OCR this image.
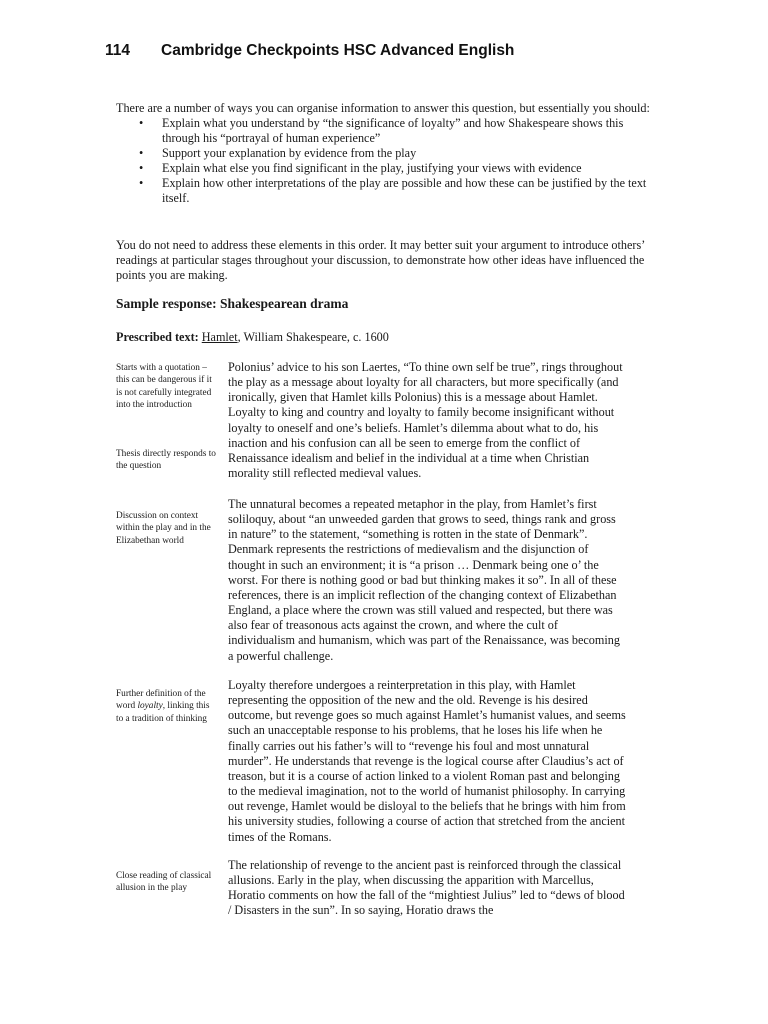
114 Cambridge Checkpoints HSC Advanced English

There are a number of ways you can organise information to answer this question, but essentially you should:

• Explain what you understand by “the significance of loyalty” and how Shakespeare shows this through his “portrayal of human experience”
• Support your explanation by evidence from the play
• Explain what else you find significant in the play, justifying your views with evidence
• Explain how other interpretations of the play are possible and how these can be justified by the text itself.

You do not need to address these elements in this order. It may better suit your argument to introduce others’ readings at particular stages throughout your discussion, to demonstrate how other ideas have influenced the points you are making.

Sample response: Shakespearean drama

Prescribed text: Hamlet, William Shakespeare, c. 1600

Starts with a quotation – this can be dangerous if it is not carefully integrated into the introduction

Thesis directly responds to the question

Discussion on context within the play and in the Elizabethan world

Further definition of the word loyalty, linking this to a tradition of thinking

Close reading of classical allusion in the play

Polonius’ advice to his son Laertes, “To thine own self be true”, rings throughout the play as a message about loyalty for all characters, but more specifically (and ironically, given that Hamlet kills Polonius) this is a message about Hamlet. Loyalty to king and country and loyalty to family become insignificant without loyalty to oneself and one’s beliefs. Hamlet’s dilemma about what to do, his inaction and his confusion can all be seen to emerge from the conflict of Renaissance idealism and belief in the individual at a time when Christian morality still reflected medieval values.

The unnatural becomes a repeated metaphor in the play, from Hamlet’s first soliloquy, about “an unweeded garden that grows to seed, things rank and gross in nature” to the statement, “something is rotten in the state of Denmark”. Denmark represents the restrictions of medievalism and the disjunction of thought in such an environment; it is “a prison … Denmark being one o’ the worst. For there is nothing good or bad but thinking makes it so”. In all of these references, there is an implicit reflection of the changing context of Elizabethan England, a place where the crown was still valued and respected, but there was also fear of treasonous acts against the crown, and where the cult of individualism and humanism, which was part of the Renaissance, was becoming a powerful challenge.

Loyalty therefore undergoes a reinterpretation in this play, with Hamlet representing the opposition of the new and the old. Revenge is his desired outcome, but revenge goes so much against Hamlet’s humanist values, and seems such an unacceptable response to his problems, that he loses his life when he finally carries out his father’s will to “revenge his foul and most unnatural murder”. He understands that revenge is the logical course after Claudius’s act of treason, but it is a course of action linked to a violent Roman past and belonging to the medieval imagination, not to the world of humanist philosophy. In carrying out revenge, Hamlet would be disloyal to the beliefs that he brings with him from his university studies, following a course of action that stretched from the ancient times of the Romans.

The relationship of revenge to the ancient past is reinforced through the classical allusions. Early in the play, when discussing the apparition with Marcellus, Horatio comments on how the fall of the “mightiest Julius” led to “dews of blood / Disasters in the sun”. In so saying, Horatio draws the
